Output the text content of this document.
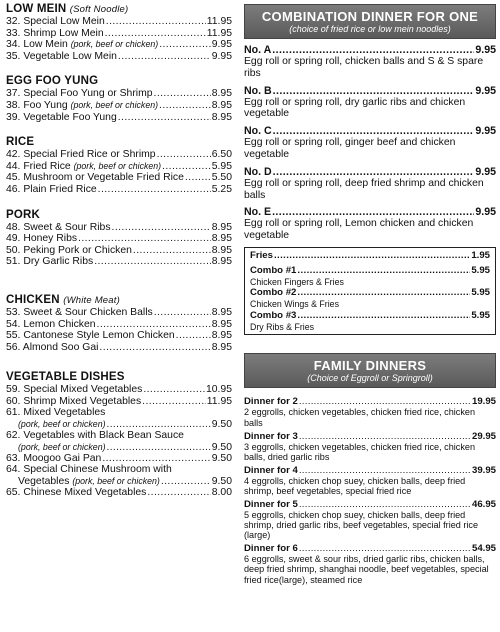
LOW MEIN (Soft Noodle)
32. Special Low Mein .....	11.95
33. Shrimp Low Mein .....	11.95
34. Low Mein (pork, beef or chicken) .....	9.95
35. Vegetable Low Mein .....	9.95
EGG FOO YUNG
37. Special Foo Yung or Shrimp .....	8.95
38. Foo Yung (pork, beef or chicken) .....	8.95
39. Vegetable Foo Yung .....	8.95
RICE
42. Special Fried Rice or Shrimp .....	6.50
44. Fried Rice (pork, beef or chicken) .....	5.95
45. Mushroom or Vegetable Fried Rice .....	5.50
46. Plain Fried Rice .....	5.25
PORK
48. Sweet & Sour Ribs .....	8.95
49. Honey Ribs .....	8.95
50. Peking Pork or Chicken .....	8.95
51. Dry Garlic Ribs .....	8.95
CHICKEN (White Meat)
53. Sweet & Sour Chicken Balls .....	8.95
54. Lemon Chicken .....	8.95
55. Cantonese Style Lemon Chicken .....	8.95
56. Almond Soo Gai .....	8.95
VEGETABLE DISHES
59. Special Mixed Vegetables .....	10.95
60. Shrimp Mixed Vegetables .....	11.95
61. Mixed Vegetables
(pork, beef or chicken) .....	9.50
62. Vegetables with Black Bean Sauce
(pork, beef or chicken) .....	9.50
63. Moogoo Gai Pan .....	9.50
64. Special Chinese Mushroom with
Vegetables (pork, beef or chicken) .....	9.50
65. Chinese Mixed Vegetables .....	8.00
COMBINATION DINNER FOR ONE
(choice of fried rice or low mein noodles)
No. A .....	9.95
Egg roll or spring roll, chicken balls and S & S spare ribs
No. B .....	9.95
Egg roll or spring roll, dry garlic ribs and chicken vegetable
No. C .....	9.95
Egg roll or spring roll, ginger beef and chicken vegetable
No. D .....	9.95
Egg roll or spring roll, deep fried shrimp and chicken balls
No. E .....	9.95
Egg roll or spring roll, Lemon chicken and chicken vegetable
Fries .....	1.95
Combo #1 .....	5.95
Chicken Fingers & Fries
Combo #2 .....	5.95
Chicken Wings & Fries
Combo #3 .....	5.95
Dry Ribs & Fries
FAMILY DINNERS
(Choice of Eggroll or Springroll)
Dinner for 2 .....	19.95
2 eggrolls, chicken vegetables, chicken fried rice, chicken balls
Dinner for 3 .....	29.95
3 eggrolls, chicken vegetables, chicken fried rice, chicken balls, dried garlic ribs
Dinner for 4 .....	39.95
4 eggrolls, chicken chop suey, chicken balls, deep fried shrimp, beef vegetables, special fried rice
Dinner for 5 .....	46.95
5 eggrolls, chicken chop suey, chicken balls, deep fried shrimp, dried garlic ribs, beef vegetables, special fried rice (large)
Dinner for 6 .....	54.95
6 eggrolls, sweet & sour ribs, dried garlic ribs, chicken balls, deep fried shrimp, shanghai noodle, beef vegetables, special fried rice(large), steamed rice
